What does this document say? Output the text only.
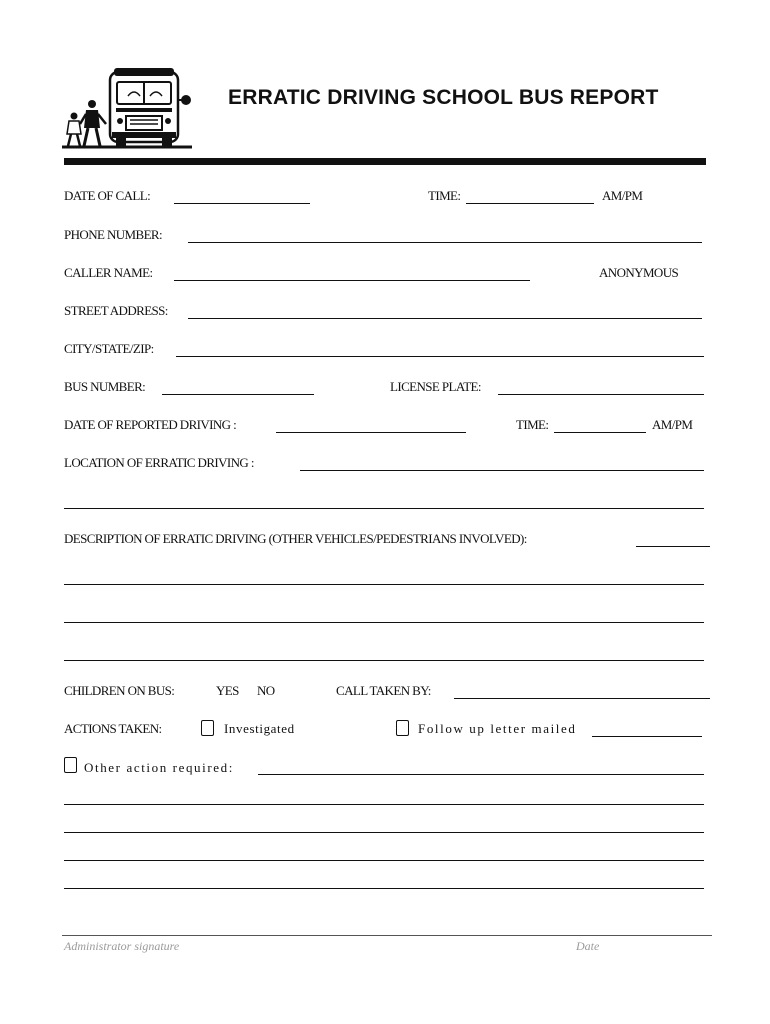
ERRATIC DRIVING SCHOOL BUS REPORT
DATE OF CALL:	TIME:	AM/PM
PHONE NUMBER:
CALLER NAME:	ANONYMOUS
STREET ADDRESS:
CITY/STATE/ZIP:
BUS NUMBER:	LICENSE PLATE:
DATE OF REPORTED DRIVING :	TIME:	AM/PM
LOCATION OF ERRATIC DRIVING :
DESCRIPTION OF ERRATIC DRIVING (OTHER VEHICLES/PEDESTRIANS INVOLVED):
CHILDREN ON BUS:	YES NO	CALL TAKEN BY:
ACTIONS TAKEN:	Investigated	Follow up letter mailed
Other action required:
Administrator signature	Date
